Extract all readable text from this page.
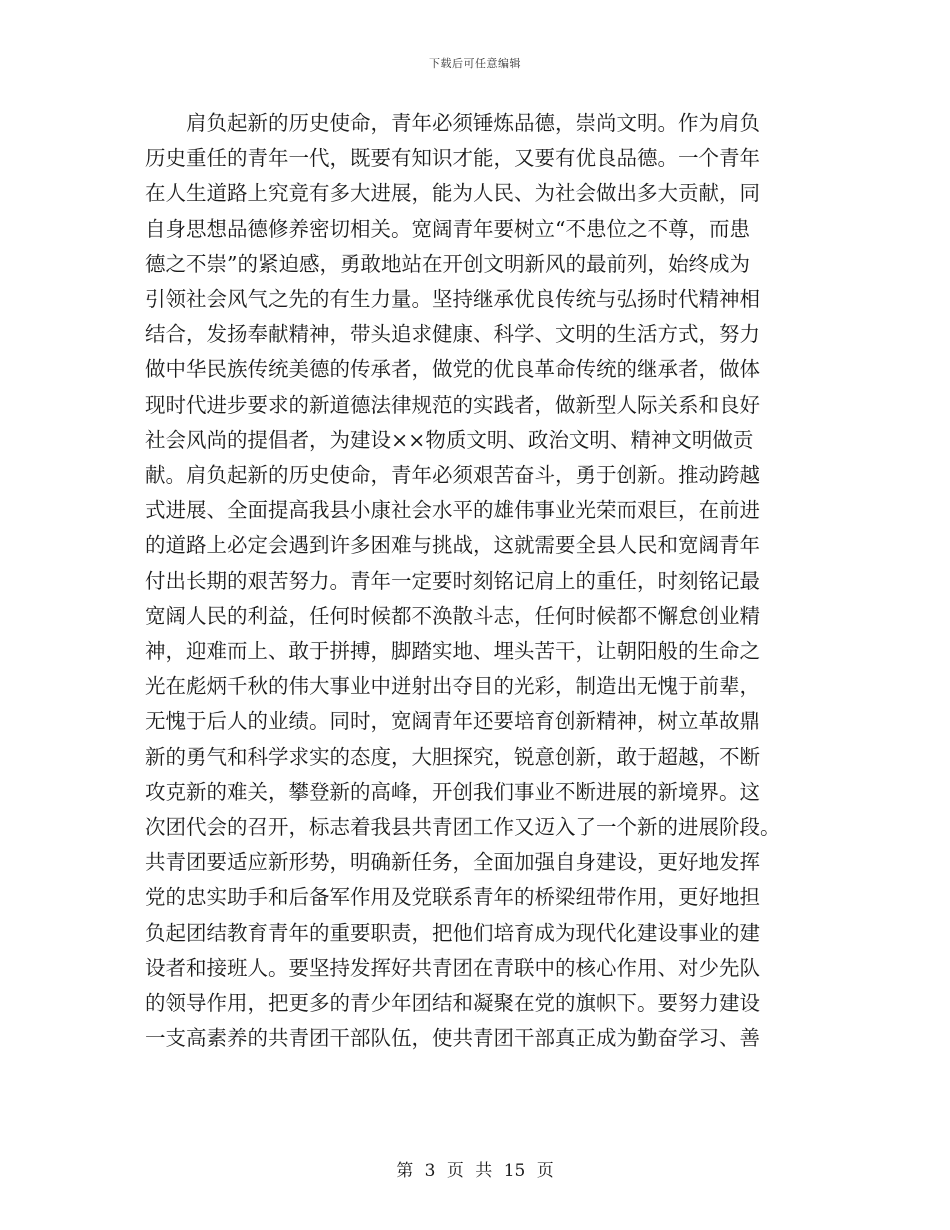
下载后可任意编辑
　　肩负起新的历史使命，青年必须锤炼品德，崇尚文明。作为肩负
历史重任的青年一代，既要有知识才能，又要有优良品德。一个青年
在人生道路上究竟有多大进展，能为人民、为社会做出多大贡献，同
自身思想品德修养密切相关。宽阔青年要树立“不患位之不尊，而患
德之不崇”的紧迫感，勇敢地站在开创文明新风的最前列，始终成为
引领社会风气之先的有生力量。坚持继承优良传统与弘扬时代精神相
结合，发扬奉献精神，带头追求健康、科学、文明的生活方式，努力
做中华民族传统美德的传承者，做党的优良革命传统的继承者，做体
现时代进步要求的新道德法律规范的实践者，做新型人际关系和良好
社会风尚的提倡者，为建设××物质文明、政治文明、精神文明做贡
献。肩负起新的历史使命，青年必须艰苦奋斗，勇于创新。推动跨越
式进展、全面提高我县小康社会水平的雄伟事业光荣而艰巨，在前进
的道路上必定会遇到许多困难与挑战，这就需要全县人民和宽阔青年
付出长期的艰苦努力。青年一定要时刻铭记肩上的重任，时刻铭记最
宽阔人民的利益，任何时候都不涣散斗志，任何时候都不懈怠创业精
神，迎难而上、敢于拼搏，脚踏实地、埋头苦干，让朝阳般的生命之
光在彪炳千秋的伟大事业中迸射出夺目的光彩，制造出无愧于前辈，
无愧于后人的业绩。同时，宽阔青年还要培育创新精神，树立革故鼎
新的勇气和科学求实的态度，大胆探究，锐意创新，敢于超越，不断
攻克新的难关，攀登新的高峰，开创我们事业不断进展的新境界。这
次团代会的召开，标志着我县共青团工作又迈入了一个新的进展阶段。
共青团要适应新形势，明确新任务，全面加强自身建设，更好地发挥
党的忠实助手和后备军作用及党联系青年的桥梁纽带作用，更好地担
负起团结教育青年的重要职责，把他们培育成为现代化建设事业的建
设者和接班人。要坚持发挥好共青团在青联中的核心作用、对少先队
的领导作用，把更多的青少年团结和凝聚在党的旗帜下。要努力建设
一支高素养的共青团干部队伍，使共青团干部真正成为勤奋学习、善
第 3 页 共 15 页
